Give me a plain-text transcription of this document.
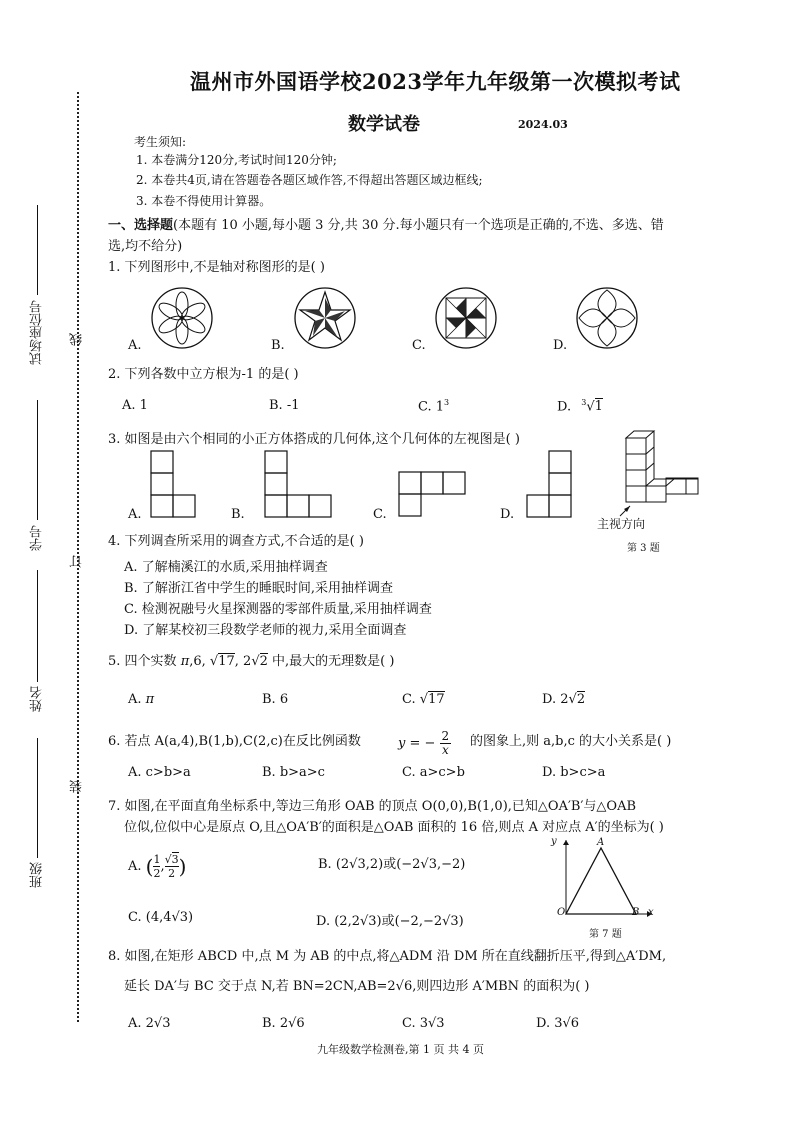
试场座位号
学号
姓名
班级
线
订
装
温州市外国语学校2023学年九年级第一次模拟考试
数学试卷	2024.03
考生须知:
1. 本卷满分120分,考试时间120分钟;
2. 本卷共4页,请在答题卷各题区域作答,不得超出答题区域边框线;
3. 本卷不得使用计算器。
一、选择题(本题有 10 小题,每小题 3 分,共 30 分.每小题只有一个选项是正确的,不选、多选、错
选,均不给分)
1. 下列图形中,不是轴对称图形的是( )
A.	B.	C.	D.
2. 下列各数中立方根为-1 的是( )
A. 1	B. -1	C. $1^3$	D. $^3$√1
3. 如图是由六个相同的小正方体搭成的几何体,这个几何体的左视图是( )
A.	B.	C.	D.
主视方向
第 3 题
4. 下列调查所采用的调查方式,不合适的是( )
A. 了解楠溪江的水质,采用抽样调查
B. 了解浙江省中学生的睡眠时间,采用抽样调查
C. 检测祝融号火星探测器的零部件质量,采用抽样调查
D. 了解某校初三段数学老师的视力,采用全面调查
5. 四个实数 π,6, √17, 2√2 中,最大的无理数是( )
A. π	B. 6	C. √17	D. 2√2
6. 若点 A(a,4),B(1,b),C(2,c)在反比例函数	y = − $\frac{2}{x}$ 的图象上,则 a,b,c 的大小关系是( )
A. c>b>a	B. b>a>c	C. a>c>b	D. b>c>a
7. 如图,在平面直角坐标系中,等边三角形 OAB 的顶点 O(0,0),B(1,0),已知△OA′B′与△OAB
位似,位似中心是原点 O,且△OA′B′的面积是△OAB 面积的 16 倍,则点 A 对应点 A′的坐标为( )
A. ( $\frac{1}{2}$ , $\frac{√3}{2}$ )	B. (2√3,2)或(−2√3,−2)
C. (4,4√3)	D. (2,2√3)或(−2,−2√3)
y
x
O
A
B
第 7 题
8. 如图,在矩形 ABCD 中,点 M 为 AB 的中点,将△ADM 沿 DM 所在直线翻折压平,得到△A′DM,
延长 DA′与 BC 交于点 N,若 BN=2CN,AB=2√6,则四边形 A′MBN 的面积为( )
A. 2√3	B. 2√6	C. 3√3	D. 3√6
九年级数学检测卷,第 1 页 共 4 页
